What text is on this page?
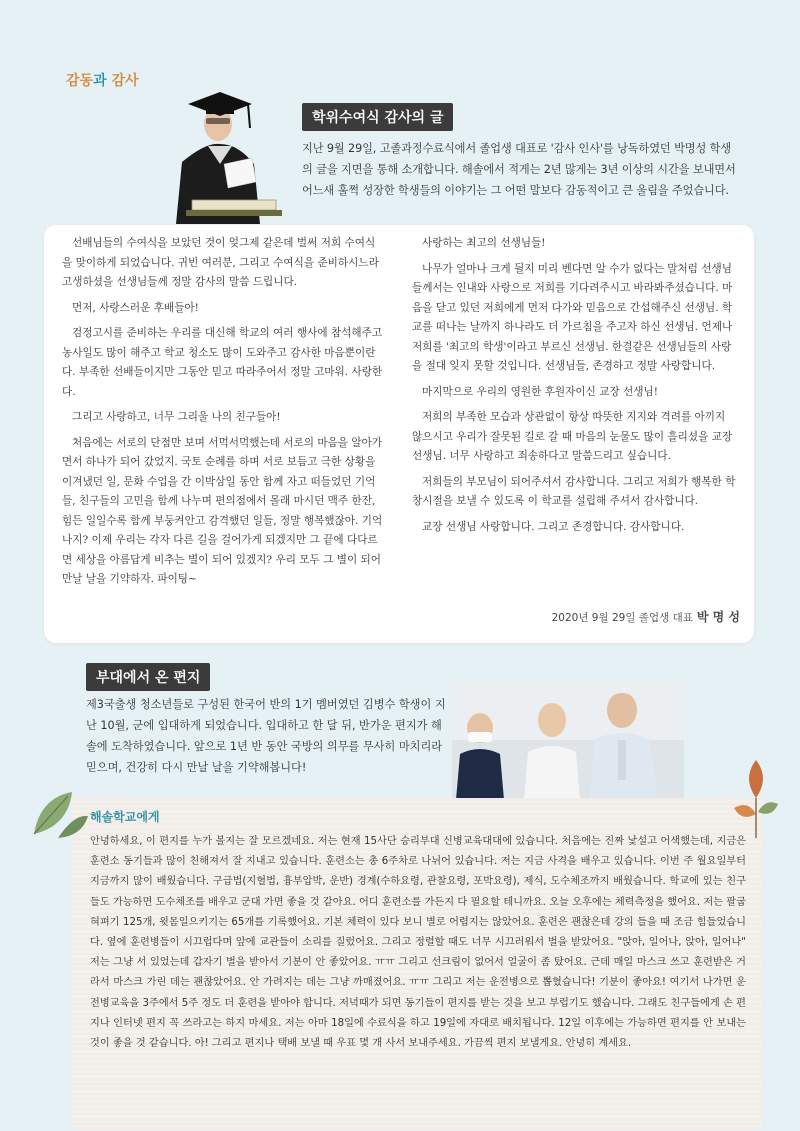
감동과 감사
학위수여식 감사의 글
지난 9월 29일, 고졸과정수료식에서 졸업생 대표로 '감사 인사'를 낭독하였던 박명성 학생의 글을 지면을 통해 소개합니다. 해솔에서 적게는 2년 많게는 3년 이상의 시간을 보내면서 어느새 훌쩍 성장한 학생들의 이야기는 그 어떤 말보다 감동적이고 큰 울림을 주었습니다.

선배님들의 수여식을 보았던 것이 엊그제 같은데 벌써 저희 수여식을 맞이하게 되었습니다. 귀빈 여러분, 그리고 수여식을 준비하시느라 고생하셨을 선생님들께 정말 감사의 말씀 드립니다.

먼저, 사랑스러운 후배들아!

검정고시를 준비하는 우리를 대신해 학교의 여러 행사에 참석해주고 농사일도 많이 해주고 학교 청소도 많이 도와주고 감사한 마음뿐이란다. 부족한 선배들이지만 그동안 믿고 따라주어서 정말 고마워. 사랑한다.

그리고 사랑하고, 너무 그리울 나의 친구들아!

처음에는 서로의 단점만 보며 서먹서먹했는데 서로의 마음을 알아가면서 하나가 되어 갔었지. 국토 순례를 하며 서로 보듬고 극한 상황을 이겨냈던 일, 문화 수업을 간 이박삼일 동안 함께 자고 떠들었던 기억들, 친구들의 고민을 함께 나누며 편의점에서 몰래 마시던 맥주 한잔, 힘든 일일수록 함께 부둥켜안고 감격했던 일들, 정말 행복했잖아. 기억나지? 이제 우리는 각자 다른 길을 걸어가게 되겠지만 그 끝에 다다르면 세상을 아름답게 비추는 별이 되어 있겠지? 우리 모두 그 별이 되어 만날 날을 기약하자. 파이팅~

사랑하는 최고의 선생님들!

나무가 얼마나 크게 뒬지 미리 벤다면 알 수가 없다는 말처럼 선생님들께서는 인내와 사랑으로 저희를 기다려주시고 바라봐주셨습니다. 마음을 닫고 있던 저희에게 먼저 다가와 믿음으로 간섭해주신 선생님. 학교를 떠나는 날까지 하나라도 더 가르침을 주고자 하신 선생님. 언제나 저희를 '최고의 학생'이라고 부르신 선생님. 한결같은 선생님들의 사랑을 절대 잊지 못할 것입니다. 선생님들, 존경하고 정말 사랑합니다.

마지막으로 우리의 영원한 후원자이신 교장 선생님!

저희의 부족한 모습과 상관없이 항상 따뜻한 지지와 격려를 아끼지 않으시고 우리가 잘못된 길로 갈 때 마음의 눈물도 많이 흘리셨을 교장 선생님. 너무 사랑하고 죄송하다고 말씀드리고 싶습니다.

저희들의 부모님이 되어주셔서 감사합니다. 그리고 저희가 행복한 학창시절을 보낼 수 있도록 이 학교를 설립해 주셔서 감사합니다.

교장 선생님 사랑합니다. 그리고 존경합니다. 감사합니다.

2020년 9월 29일 졸업생 대표 박 명 성
부대에서 온 편지
제3국출생 청소년들로 구성된 한국어 반의 1기 멤버였던 김병수 학생이 지난 10월, 군에 입대하게 되었습니다. 입대하고 한 달 뒤, 반가운 편지가 해솔에 도착하였습니다. 앞으로 1년 반 동안 국방의 의무를 무사히 마치리라 믿으며, 건강히 다시 만날 날을 기약해봅니다!
해솔학교에게
안녕하세요, 이 편지를 누가 볼지는 잘 모르겠네요. 저는 현재 15사단 승리부대 신병교육대대에 있습니다. 처음에는 진짜 낯설고 어색했는데, 지금은 훈련소 동기들과 많이 친해져서 잘 지내고 있습니다. 훈련소는 총 6주차로 나뉘어 있습니다. 저는 지금 사격을 배우고 있습니다. 이번 주 월요일부터 지금까지 많이 배웠습니다. 구급법(지혈법, 흉부압박, 운반) 경계(수하요령, 관찰요령, 포박요령), 제식, 도수체조까지 배웠습니다. 학교에 있는 친구들도 가능하면 도수체조를 배우고 군대 가면 좋을 것 같아요. 어디 훈련소를 가든지 다 필요할 테니까요. 오늘 오후에는 체력측정을 했어요. 저는 팔굽혀펴기 125개, 윗몸일으키기는 65개를 기록했어요. 기본 체력이 있다 보니 별로 어렵지는 않았어요. 훈련은 괜찮은데 강의 들을 때 조금 힘들었습니다. 옆에 훈련병들이 시끄럽다며 앞에 교관들이 소리를 질렀어요. 그리고 정렬할 때도 너무 시끄러워서 벌을 받았어요. "앉아, 일어나, 앉아, 일어나" 저는 그냥 서 있었는데 갑자기 벌을 받아서 기분이 안 좋았어요. ㅠㅠ 그리고 선크림이 없어서 얼굴이 좀 탔어요. 근데 매일 마스크 쓰고 훈련받은 거라서 마스크 가린 데는 괜찮았어요. 안 가려지는 데는 그냥 까매졌어요. ㅠㅠ 그리고 저는 운전병으로 뽑혔습니다! 기분이 좋아요! 여기서 나가면 운전병교육을 3주에서 5주 정도 더 훈련을 받아야 합니다. 저녁때가 되면 동기들이 편지를 받는 것을 보고 부럽기도 했습니다. 그래도 친구들에게 손 편지나 인터넷 편지 꼭 쓰라고는 하지 마세요. 저는 아마 18일에 수료식을 하고 19일에 자대로 배치됩니다. 12일 이후에는 가능하면 편지를 안 보내는 것이 좋을 것 같습니다. 아! 그리고 편지나 택배 보낼 때 우표 몇 개 사서 보내주세요. 가끔씩 편지 보낼게요. 안녕히 계세요.
